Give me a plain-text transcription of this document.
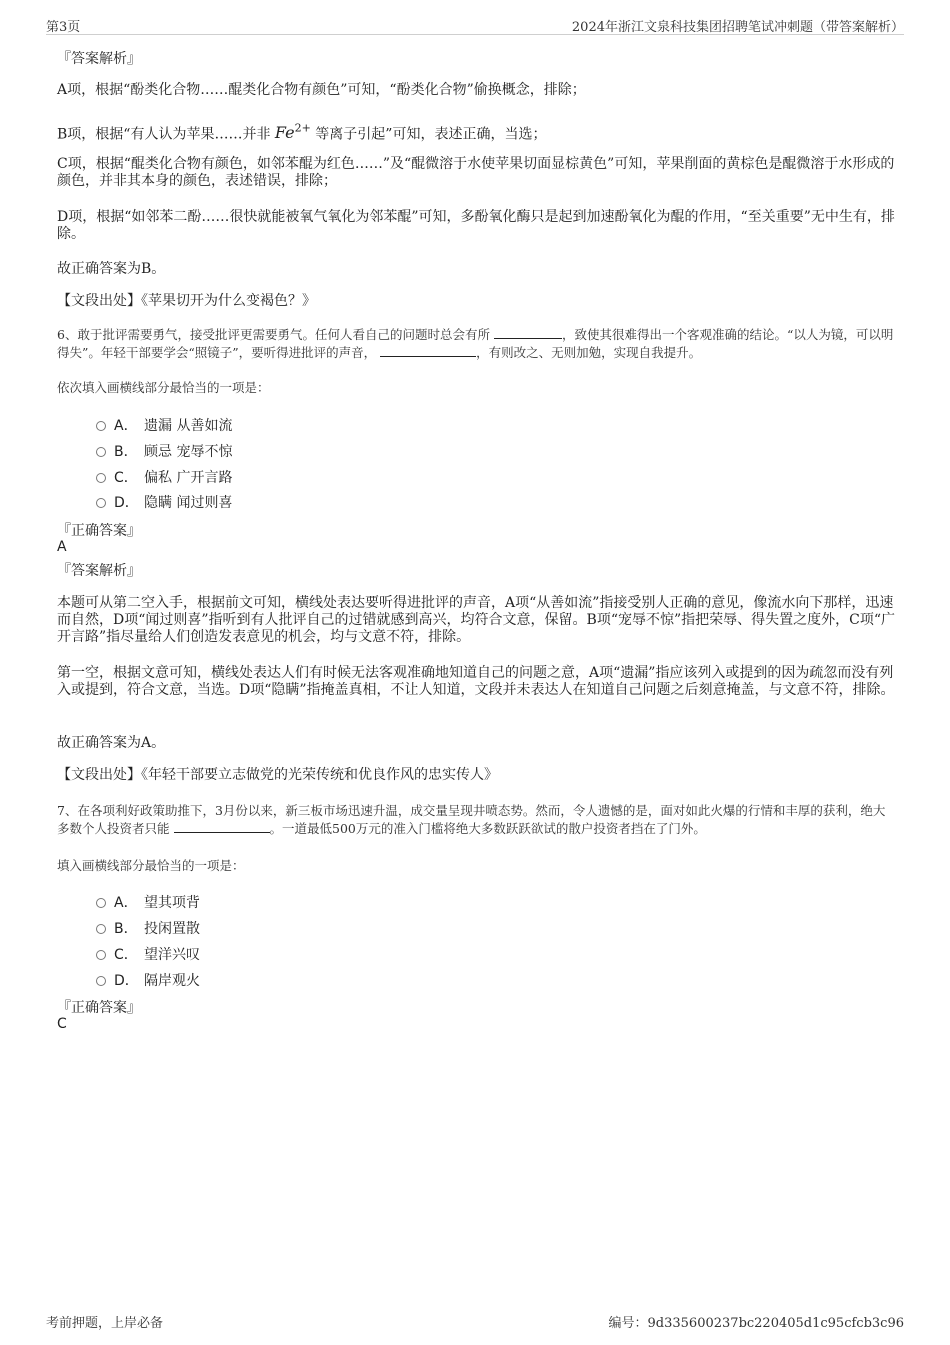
第3页	2024年浙江文泉科技集团招聘笔试冲刺题（带答案解析）
『答案解析』
A项，根据“酚类化合物……醌类化合物有颜色”可知，“酚类化合物”偷换概念，排除；
B项，根据“有人认为苹果……并非 $Fe^{2+}$ 等离子引起”可知，表述正确，当选；
C项，根据“醌类化合物有颜色，如邻苯醌为红色……”及“醌微溶于水使苹果切面显棕黄色”可知，苹果削面的黄棕色是醌微溶于水形成的颜色，并非其本身的颜色，表述错误，排除；
D项，根据“如邻苯二酚……很快就能被氧气氧化为邻苯醌”可知，多酚氧化酶只是起到加速酚氧化为醌的作用，“至关重要”无中生有，排除。
故正确答案为B。
【文段出处】《苹果切开为什么变褐色？》
6、敢于批评需要勇气，接受批评更需要勇气。任何人看自己的问题时总会有所	，致使其很难得出一个客观准确的结论。“以人为镜，可以明得失”。年轻干部要学会“照镜子”，要听得进批评的声音，	，有则改之、无则加勉，实现自我提升。
依次填入画横线部分最恰当的一项是：
A． 遗漏 从善如流
B． 顾忌 宠辱不惊
C． 偏私 广开言路
D． 隐瞒 闻过则喜
『正确答案』
A
『答案解析』
本题可从第二空入手，根据前文可知，横线处表达要听得进批评的声音，A项“从善如流”指接受别人正确的意见，像流水向下那样，迅速而自然，D项“闻过则喜”指听到有人批评自己的过错就感到高兴，均符合文意，保留。B项“宠辱不惊”指把荣辱、得失置之度外，C项“广开言路”指尽量给人们创造发表意见的机会，均与文意不符，排除。
第一空，根据文意可知，横线处表达人们有时候无法客观准确地知道自己的问题之意，A项“遗漏”指应该列入或提到的因为疏忽而没有列入或提到，符合文意，当选。D项“隐瞒”指掩盖真相，不让人知道，文段并未表达人在知道自己问题之后刻意掩盖，与文意不符，排除。
故正确答案为A。
【文段出处】《年轻干部要立志做党的光荣传统和优良作风的忠实传人》
7、在各项利好政策助推下，3月份以来，新三板市场迅速升温，成交量呈现井喷态势。然而，令人遗憾的是，面对如此火爆的行情和丰厚的获利，绝大多数个人投资者只能	。一道最低500万元的准入门槛将绝大多数跃跃欲试的散户投资者挡在了门外。
填入画横线部分最恰当的一项是：
A． 望其项背
B． 投闲置散
C． 望洋兴叹
D． 隔岸观火
『正确答案』
C
考前押题，上岸必备	编号：9d335600237bc220405d1c95cfcb3c96
